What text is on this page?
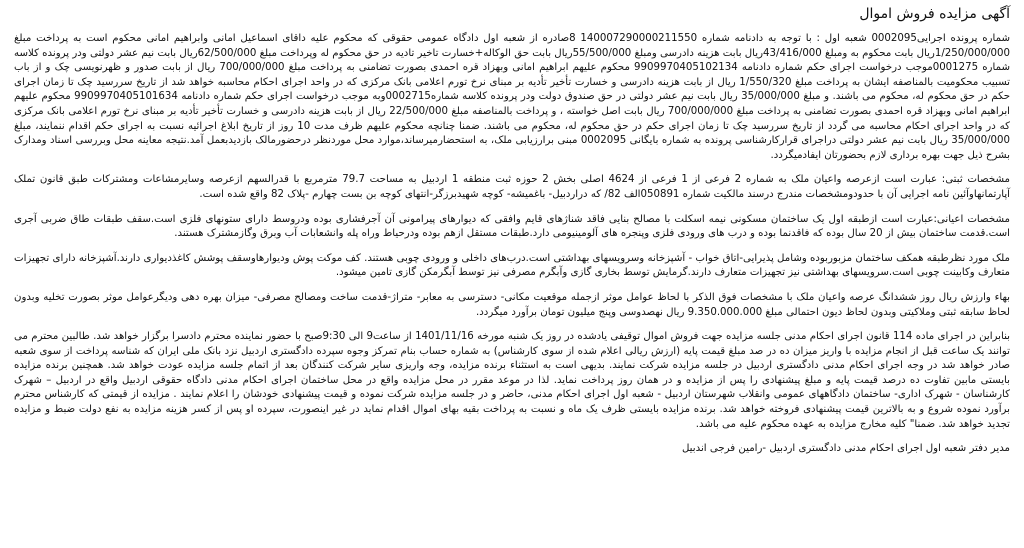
آگهی مزایده فروش اموال

شماره پرونده اجرایی0002095 شعبه اول : با توجه به دادنامه شماره 140007290000211550 8صادره از شعبه اول دادگاه عمومی حقوقی که محکوم علیه داقای اسماعیل امانی وابراهیم امانی محکوم است به پرداخت مبلغ 1/250/000/000ریال بابت محکوم به ومبلغ 43/416/000ریال بابت هزینه دادرسی ومبلغ 55/500/000ریال بابت حق الوکاله+خسارت تاخیر تادیه در حق محکوم له وپرداخت مبلغ 62/500/000ریال بابت نیم عشر دولتی ودر پرونده کلاسه شماره 0001275موجب درخواست اجرای حکم شماره دادنامه 9909970405102134 محکوم علیهم ابراهیم امانی وبهزاد قره احمدی بصورت تضامنی به پرداخت مبلغ 700/000/000 ریال از بابت صدور و ظهرنویسی چک و از باب تسبیب محکومیت بالمناصفه ایشان به پرداخت مبلغ 1/550/320 ریال از بابت هزینه دادرسی و خسارت تأخیر تأدیه بر مبنای نرخ تورم اعلامی بانک مرکزی که در واحد اجرای احکام محاسبه خواهد شد از تاریخ سررسید چک تا زمان اجرای حکم در حق محکوم له، محکوم می باشند. و مبلغ 35/000/000 ریال بابت نیم عشر دولتی در حق صندوق دولت ودر پرونده کلاسه شماره0002715وبه موجب درخواست اجرای حکم شماره دادنامه 9909970405101634 محکوم علیهم ابراهیم امانی وبهزاد قره احمدی بصورت تضامنی به پرداخت مبلغ 700/000/000 ریال بابت اصل خواسته ، و پرداخت بالمناصفه مبلغ 22/500/000 ریال از بابت هزینه دادرسی و خسارت تأخیر تأدیه بر مبنای نرخ تورم اعلامی بانک مرکزی که در واحد اجرای احکام محاسبه می گردد از تاریخ سررسید چک تا زمان اجرای حکم در حق محکوم له، محکوم می باشند. ضمنا چنانچه محکوم علیهم ظرف مدت 10 روز از تاریخ ابلاغ اجرائیه نسبت به اجرای حکم اقدام ننمایند، مبلغ 35/000/000 ریال بابت نیم عشر دولتی دراجرای قرارکارشناسی پرونده به شماره بایگانی 0002095 مبنی برارزیابی ملک، به استحضارمیرساند،موارد محل موردنظر درحضورمالک بازدیدبعمل آمد.نتیجه معاینه محل وبررسی اسناد ومدارک بشرح ذیل جهت بهره برداری لازم بحضورتان ایفادمیگردد.

مشخصات ثبتی: عبارت است ازعرصه واعیان ملک به شماره 2 فرعی از 1 فرعی از 4624 اصلی بخش 2 حوزه ثبت منطقه 1 اردبیل به مساحت 79.7 مترمربع با قدرالسهم ازعرصه وسایرمشاعات ومشترکات طبق قانون تملک آپارتمانهاوآئین نامه اجرایی آن با حدودومشخصات مندرج درسند مالکیت شماره 050891الف 82/ که دراردبیل- باغمیشه- کوچه شهیدبرزگر-انتهای کوچه بن بست چهارم -پلاک 82 واقع شده است.

مشخصات اعیانی:عبارت است ازطبقه اول یک ساختمان مسکونی نیمه اسکلت با مصالح بنایی فاقد شناژهای قایم وافقی که دیوارهای پیرامونی آن آجرفشاری بوده ودروسط دارای ستونهای فلزی است.سقف طبقات طاق ضربی آجری است.قدمت ساختمان بیش از 20 سال بوده که فاقدنما بوده و درب های ورودی فلزی وپنجره های آلومینیومی دارد.طبقات مستقل ازهم بوده ودرحیاط وراه پله وانشعابات آب وبرق وگازمشترک هستند.

ملک مورد نظرطبقه همکف ساختمان مزبوربوده وشامل پذیرایی-اتاق خواب - آشپزخانه وسرویسهای بهداشتی است.درب‌های داخلی و ورودی چوبی هستند. کف موکت پوش ودیوارهاوسقف پوشش کاغذدیواری دارند.آشپزخانه دارای تجهیزات متعارف وکابینت چوبی است.سرویسهای بهداشتی نیز تجهیزات متعارف دارند.گرمایش توسط بخاری گازی وآبگرم مصرفی نیز توسط آبگرمکن گازی تامین میشود.

بهاء وارزش ریال روز ششدانگ عرصه واعیان ملک با مشخصات فوق الذکر با لحاظ عوامل موثر ازجمله موقعیت مکانی- دسترسی به معابر- متراژ-قدمت ساخت ومصالح مصرفی- میزان بهره دهی ودیگرعوامل موثر بصورت تخلیه وبدون لحاظ سابقه ثبتی وملاکیتی وبدون لحاظ دیون احتمالی مبلغ 9.350.000.000 ریال نهصدوسی وپنج میلیون تومان برآورد میگردد.

بنابراین در اجرای ماده 114 قانون اجرای احکام مدنی جلسه مزایده جهت فروش اموال توقیفی یادشده در روز یک شنبه مورخه 1401/11/16 از ساعت9 الی 9:30صبح با حضور نماینده محترم دادسرا برگزار خواهد شد. طالبین محترم می توانند یک ساعت قبل از انجام مزایده با واریز میزان ده در صد مبلغ قیمت پایه (ارزش ریالی اعلام شده از سوی کارشناس) به شماره حساب بنام تمرکز وجوه سپرده دادگستری اردبیل نزد بانک ملی ایران که شناسه پرداخت از سوی شعبه صادر خواهد شد در وجه اجرای احکام مدنی دادگستری اردبیل در جلسه مزایده شرکت نمایند. بدیهی است به استثناء برنده مزایده، وجه واریزی سایر شرکت کنندگان بعد از اتمام جلسه مزایده عودت خواهد شد. همچنین برنده مزایده بایستی مابین تفاوت ده درصد قیمت پایه و مبلغ پیشنهادی را پس از مزایده و در همان روز پرداخت نماید. لذا در موعد مقرر در محل مزایده واقع در محل ساختمان اجرای احکام مدنی دادگاه حقوقی اردبیل واقع در اردبیل – شهرک کارشناسان - شهرک اداری- ساختمان دادگاههای عمومی وانقلاب شهرستان اردبیل - شعبه اول اجرای احکام مدنی، حاضر و در جلسه مزایده شرکت نموده و قیمت پیشنهادی خودشان را اعلام نمایند . مزایده از قیمتی که کارشناس محترم برآورد نموده شروع و به بالاترین قیمت پیشنهادی فروخته خواهد شد. برنده مزایده بایستی ظرف یک ماه و نسبت به پرداخت بقیه بهای اموال اقدام نماید در غیر اینصورت، سپرده او پس از کسر هزینه مزایده به نفع دولت ضبط و مزایده تجدید خواهد شد. ضمنا" کلیه مخارج مزایده به عهده محکوم علیه می باشد.

مدیر دفتر شعبه اول اجرای احکام مدنی دادگستری اردبیل -رامین فرجی اندبیل
